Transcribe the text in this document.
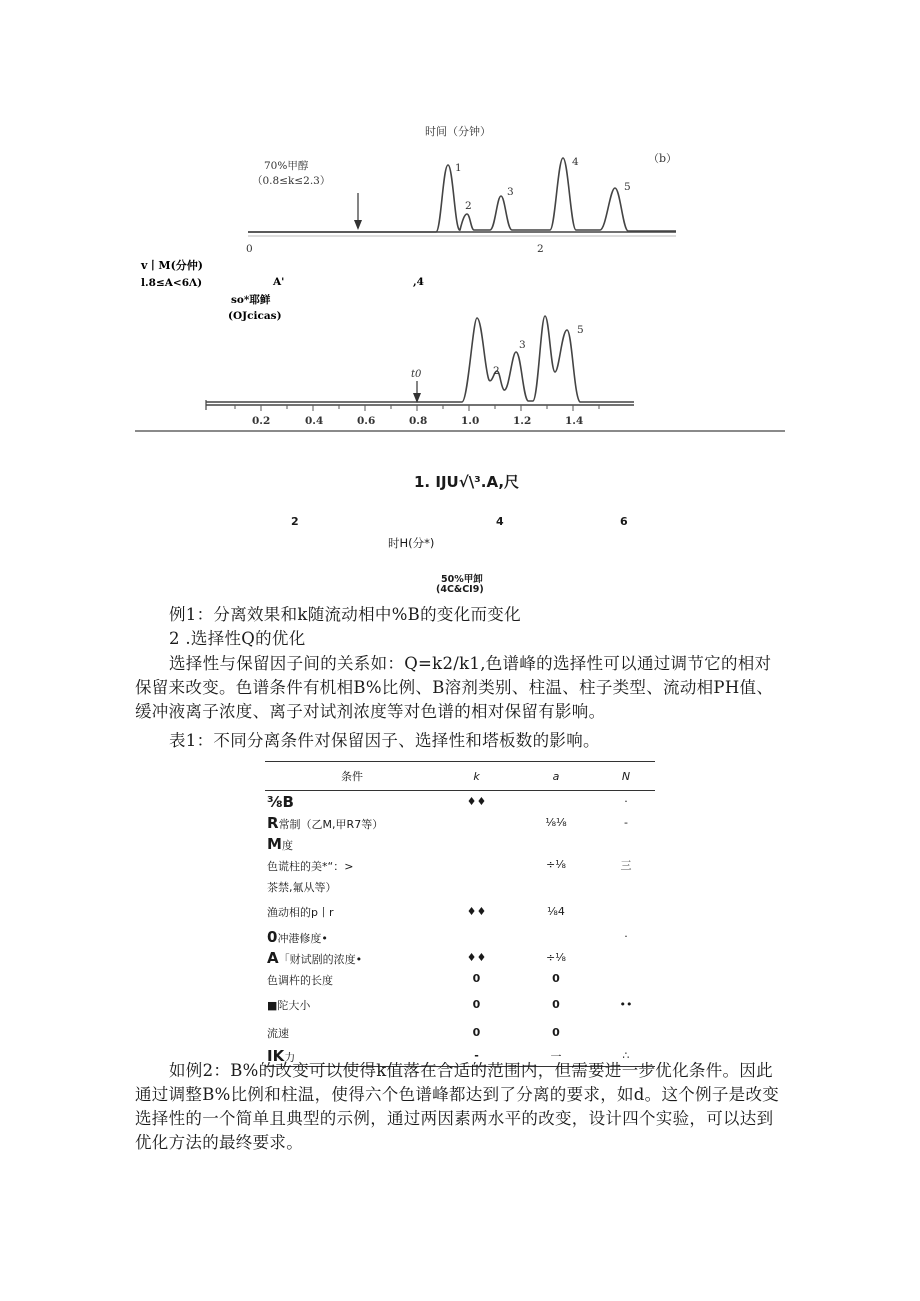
时间（分钟）
70%甲醇
（0.8≤k≤2.3）
（b）
1
2
3
4
5
0	2
v丨M(分仲)
l.8≤A<6Λ)	A'	,4
so*耶鲜
(OJcicas)
t0	2
3
5
0.2	0.4	0.6	0.8	1.0	1.2	1.4
1. IJU√\³.A,尺
2	4	6
时H(分*)
50%甲卸
(4C&CI9)
例1：分离效果和k随流动相中%B的变化而变化
2 .选择性Q的优化
选择性与保留因子间的关系如：Q=k2/k1,色谱峰的选择性可以通过调节它的相对保留来改变。色谱条件有机相B%比例、B溶剂类别、柱温、柱子类型、流动相PH值、缓冲液离子浓度、离子对试剂浓度等对色谱的相对保留有影响。
表1：不同分离条件对保留因子、选择性和塔板数的影响。
条件	k	a	N
⅜B	♦♦		·
R常制（乙M,甲R7等）		⅛⅛	-
M度			
色谎柱的美*“：>		÷⅛	三
茶禁,氟从等）			
渔动相的p丨r	♦♦	⅛4	
0冲港修度•			·
A「财试剧的浓度•	♦♦	÷⅛	
色调杵的长度	0	0	
■陀大小	0	0	••
流速	0	0	
IK力	-	一	∴
如例2：B%的改变可以使得k值落在合适的范围内，但需要进一步优化条件。因此通过调整B%比例和柱温，使得六个色谱峰都达到了分离的要求，如d。这个例子是改变选择性的一个简单且典型的示例，通过两因素两水平的改变，设计四个实验，可以达到优化方法的最终要求。
